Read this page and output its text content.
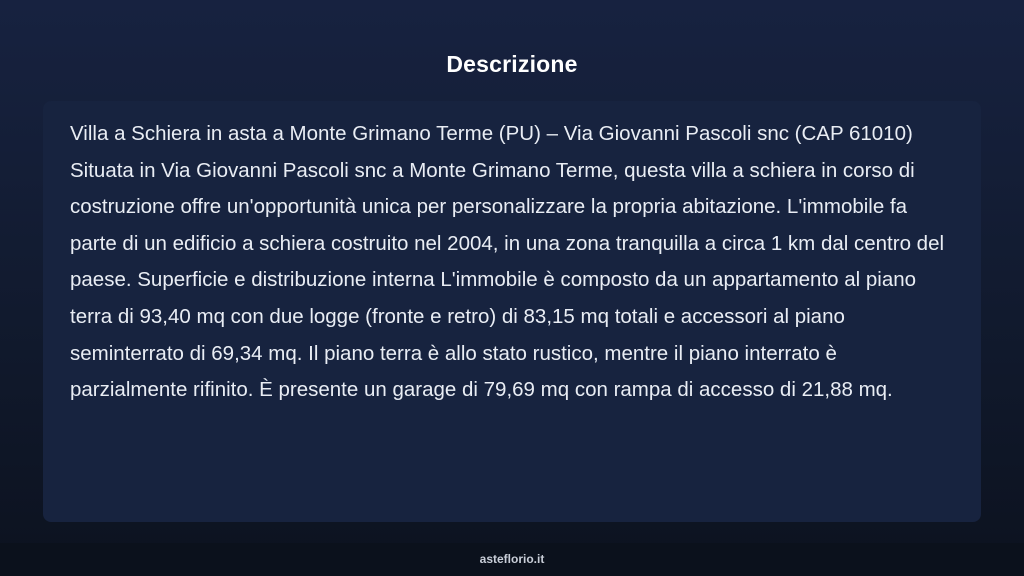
Descrizione

Villa a Schiera in asta a Monte Grimano Terme (PU) – Via Giovanni Pascoli snc (CAP 61010) Situata in Via Giovanni Pascoli snc a Monte Grimano Terme, questa villa a schiera in corso di costruzione offre un'opportunità unica per personalizzare la propria abitazione. L'immobile fa parte di un edificio a schiera costruito nel 2004, in una zona tranquilla a circa 1 km dal centro del paese. Superficie e distribuzione interna L'immobile è composto da un appartamento al piano terra di 93,40 mq con due logge (fronte e retro) di 83,15 mq totali e accessori al piano seminterrato di 69,34 mq. Il piano terra è allo stato rustico, mentre il piano interrato è parzialmente rifinito. È presente un garage di 79,69 mq con rampa di accesso di 21,88 mq.

asteflorio.it
